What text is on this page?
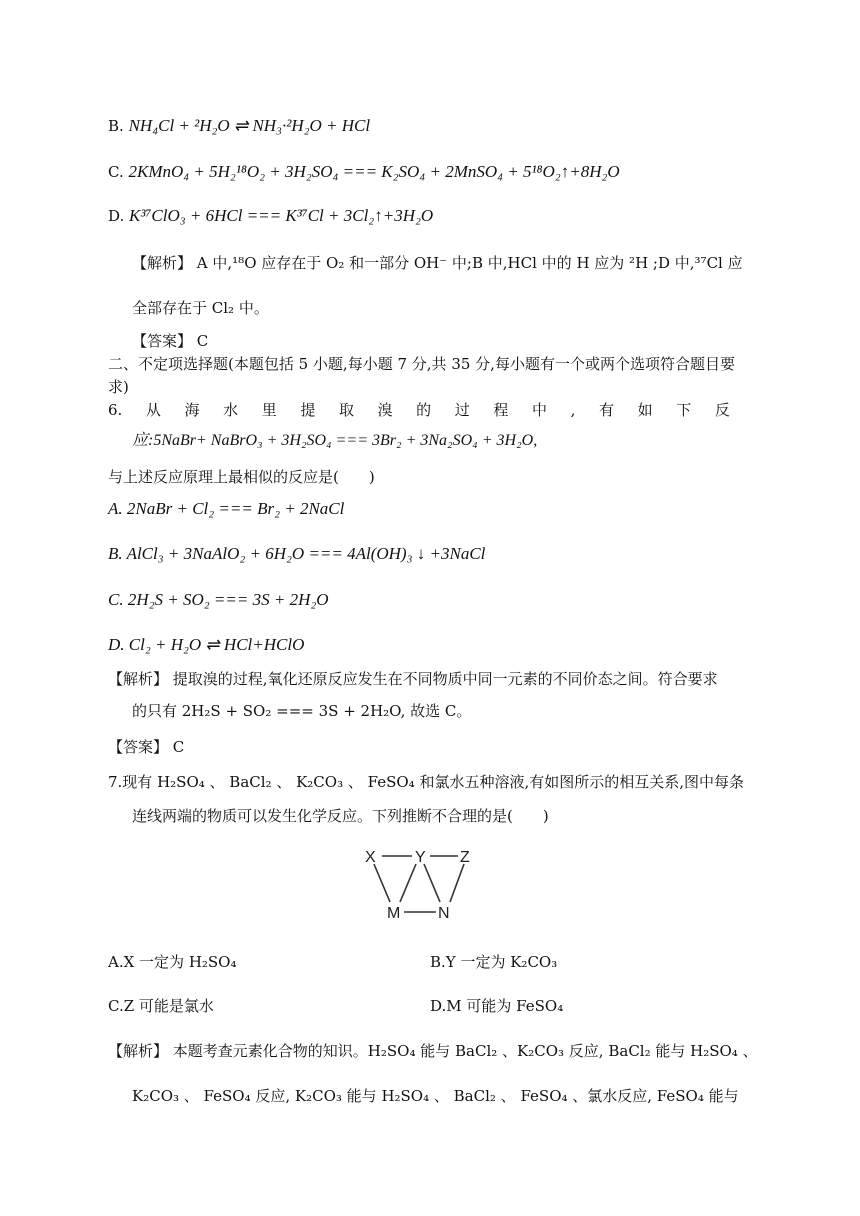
B. NH₄Cl + ²H₂O ⇌ NH₃·²H₂O + HCl
C. 2KMnO₄ + 5H₂¹⁸O₂ + 3H₂SO₄ === K₂SO₄ + 2MnSO₄ + 5¹⁸O₂↑+8H₂O
D. K³⁷ClO₃ + 6HCl === K³⁷Cl + 3Cl₂↑+3H₂O
【解析】 A 中,¹⁸O 应存在于 O₂ 和一部分 OH⁻ 中;B 中,HCl 中的 H 应为 ²H ;D 中,³⁷Cl 应
全部存在于 Cl₂ 中。
【答案】 C
二、不定项选择题(本题包括 5 小题,每小题 7 分,共 35 分,每小题有一个或两个选项符合题目要
求)
6. 从 海 水 里 提 取 溴 的 过 程 中 , 有 如 下 反
应:5NaBr+ NaBrO₃ + 3H₂SO₄ === 3Br₂ + 3Na₂SO₄ + 3H₂O,
与上述反应原理上最相似的反应是(　　)
A. 2NaBr + Cl₂ === Br₂ + 2NaCl
B. AlCl₃ + 3NaAlO₂ + 6H₂O === 4Al(OH)₃ ↓ +3NaCl
C. 2H₂S + SO₂ === 3S + 2H₂O
D. Cl₂ + H₂O ⇌ HCl+HClO
【解析】 提取溴的过程,氧化还原反应发生在不同物质中同一元素的不同价态之间。符合要求
的只有 2H₂S + SO₂ === 3S + 2H₂O, 故选 C。
【答案】 C
7.现有 H₂SO₄ 、 BaCl₂ 、 K₂CO₃ 、 FeSO₄ 和氯水五种溶液,有如图所示的相互关系,图中每条
连线两端的物质可以发生化学反应。下列推断不合理的是(　　)
X Y Z
M N
A.X 一定为 H₂SO₄	B.Y 一定为 K₂CO₃
C.Z 可能是氯水	D.M 可能为 FeSO₄
【解析】 本题考查元素化合物的知识。H₂SO₄ 能与 BaCl₂ 、K₂CO₃ 反应, BaCl₂ 能与 H₂SO₄ 、
K₂CO₃ 、 FeSO₄ 反应, K₂CO₃ 能与 H₂SO₄ 、 BaCl₂ 、 FeSO₄ 、氯水反应, FeSO₄ 能与
